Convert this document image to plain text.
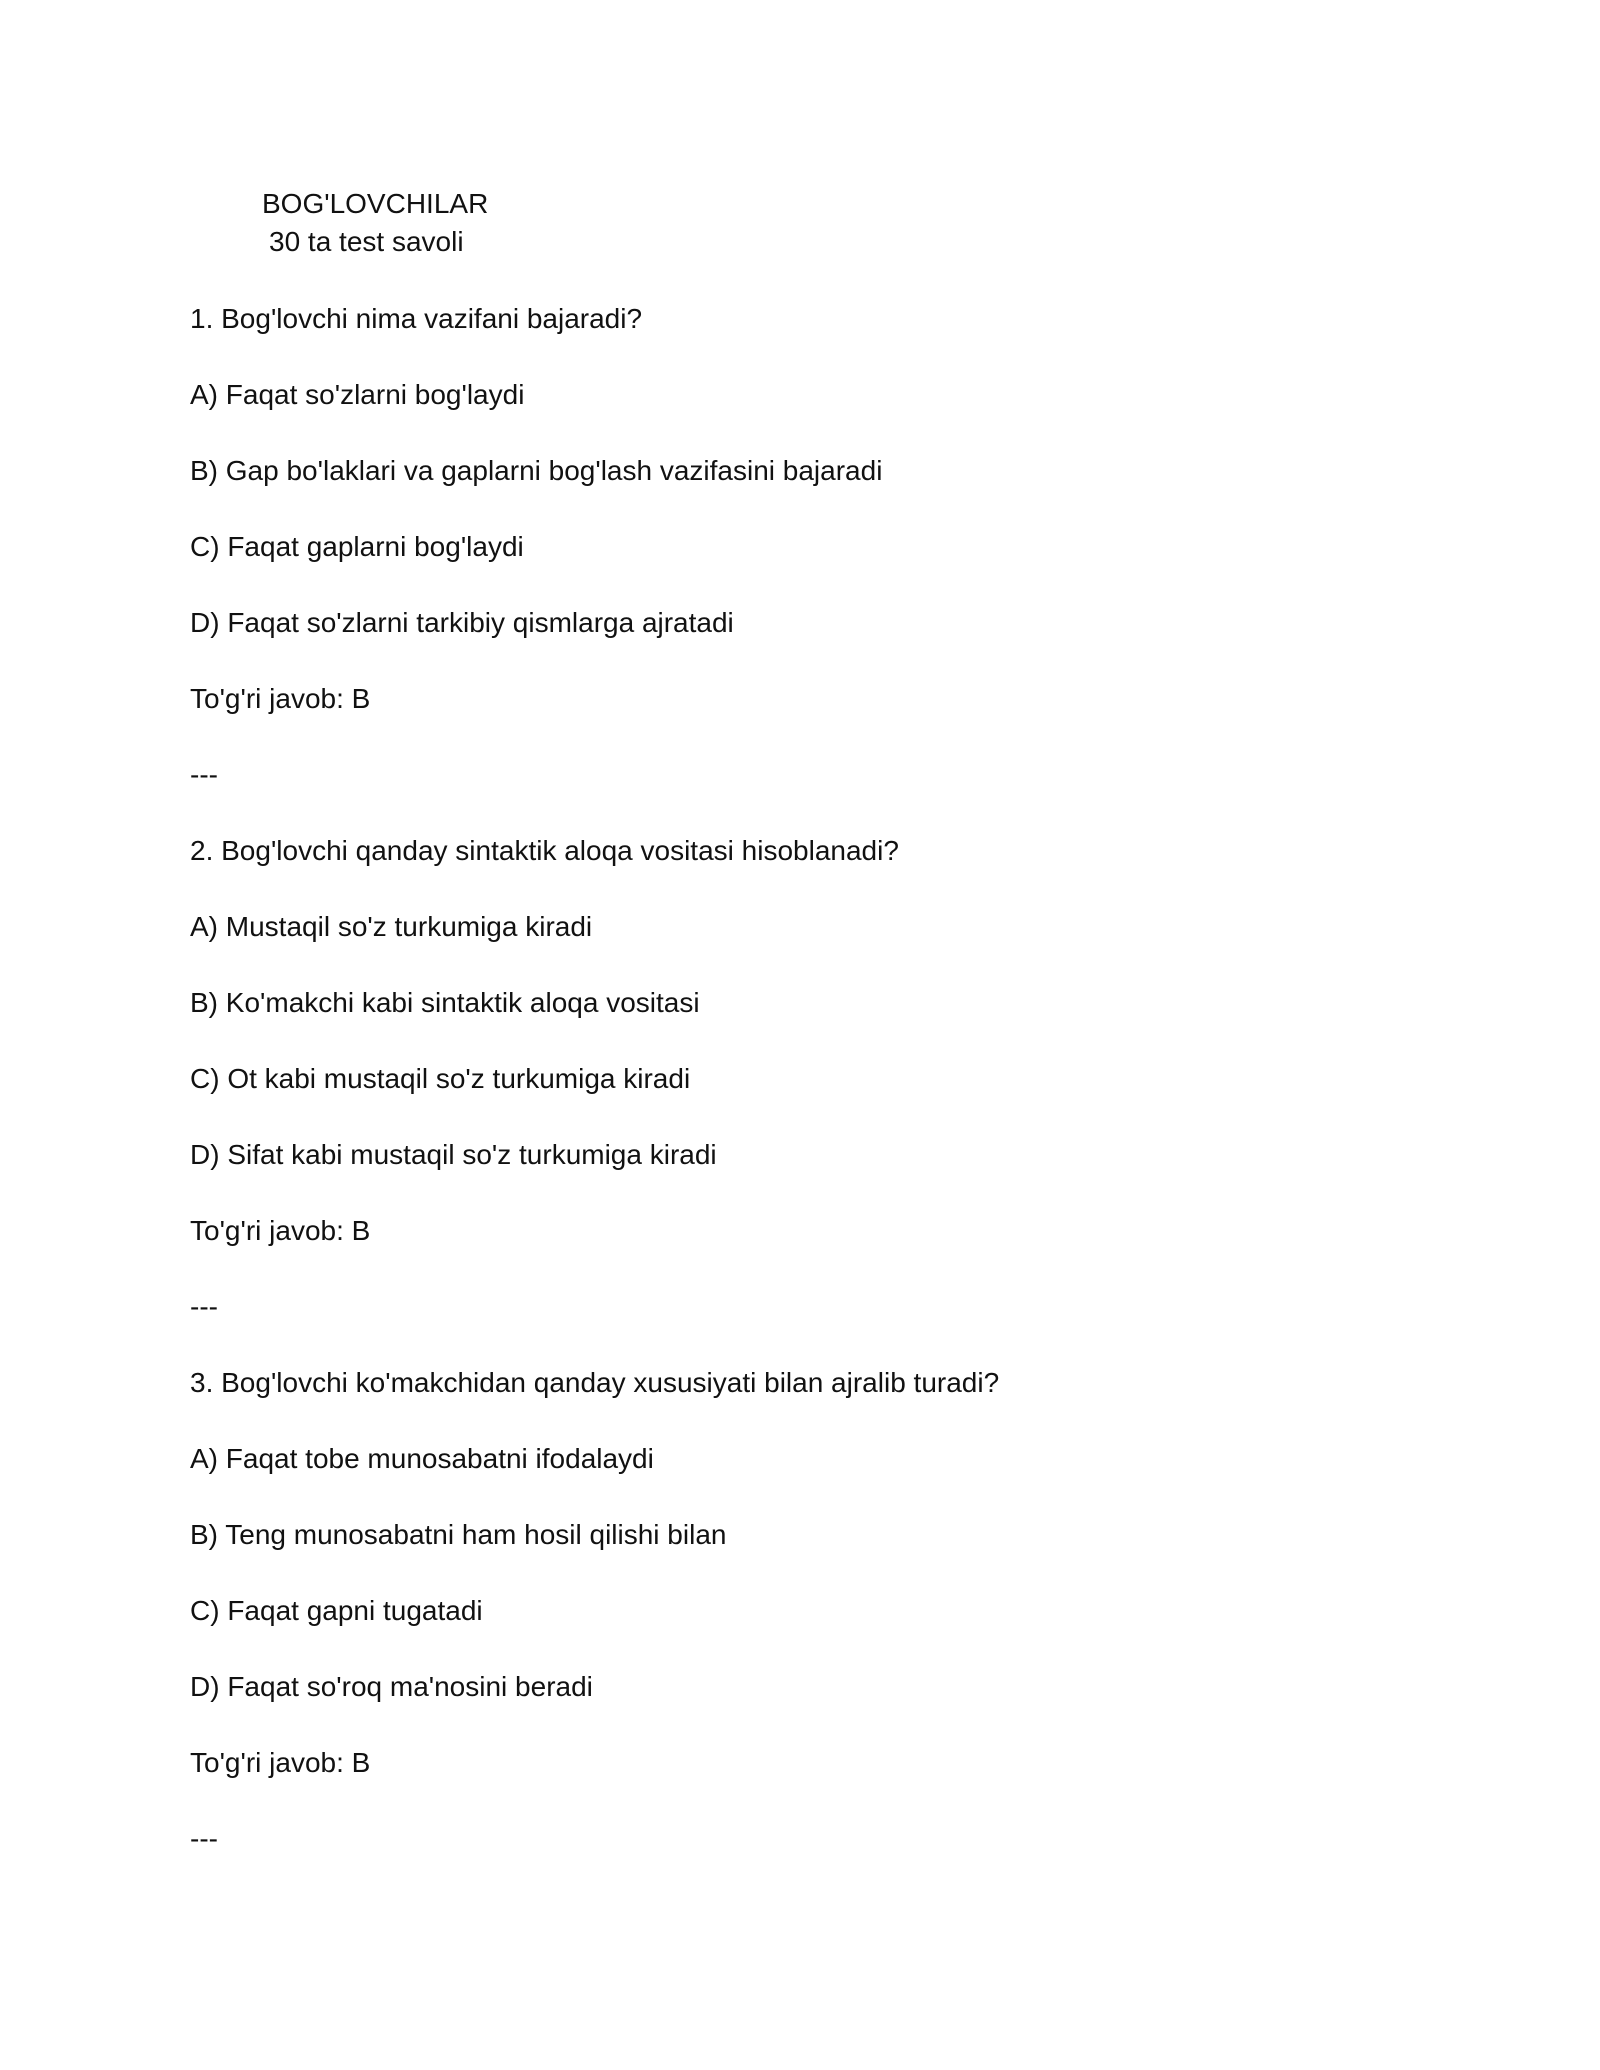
BOG'LOVCHILAR
30 ta test savoli
1. Bog'lovchi nima vazifani bajaradi?
A) Faqat so'zlarni bog'laydi
B) Gap bo'laklari va gaplarni bog'lash vazifasini bajaradi
C) Faqat gaplarni bog'laydi
D) Faqat so'zlarni tarkibiy qismlarga ajratadi
To'g'ri javob: B
---
2. Bog'lovchi qanday sintaktik aloqa vositasi hisoblanadi?
A) Mustaqil so'z turkumiga kiradi
B) Ko'makchi kabi sintaktik aloqa vositasi
C) Ot kabi mustaqil so'z turkumiga kiradi
D) Sifat kabi mustaqil so'z turkumiga kiradi
To'g'ri javob: B
---
3. Bog'lovchi ko'makchidan qanday xususiyati bilan ajralib turadi?
A) Faqat tobe munosabatni ifodalaydi
B) Teng munosabatni ham hosil qilishi bilan
C) Faqat gapni tugatadi
D) Faqat so'roq ma'nosini beradi
To'g'ri javob: B
---
